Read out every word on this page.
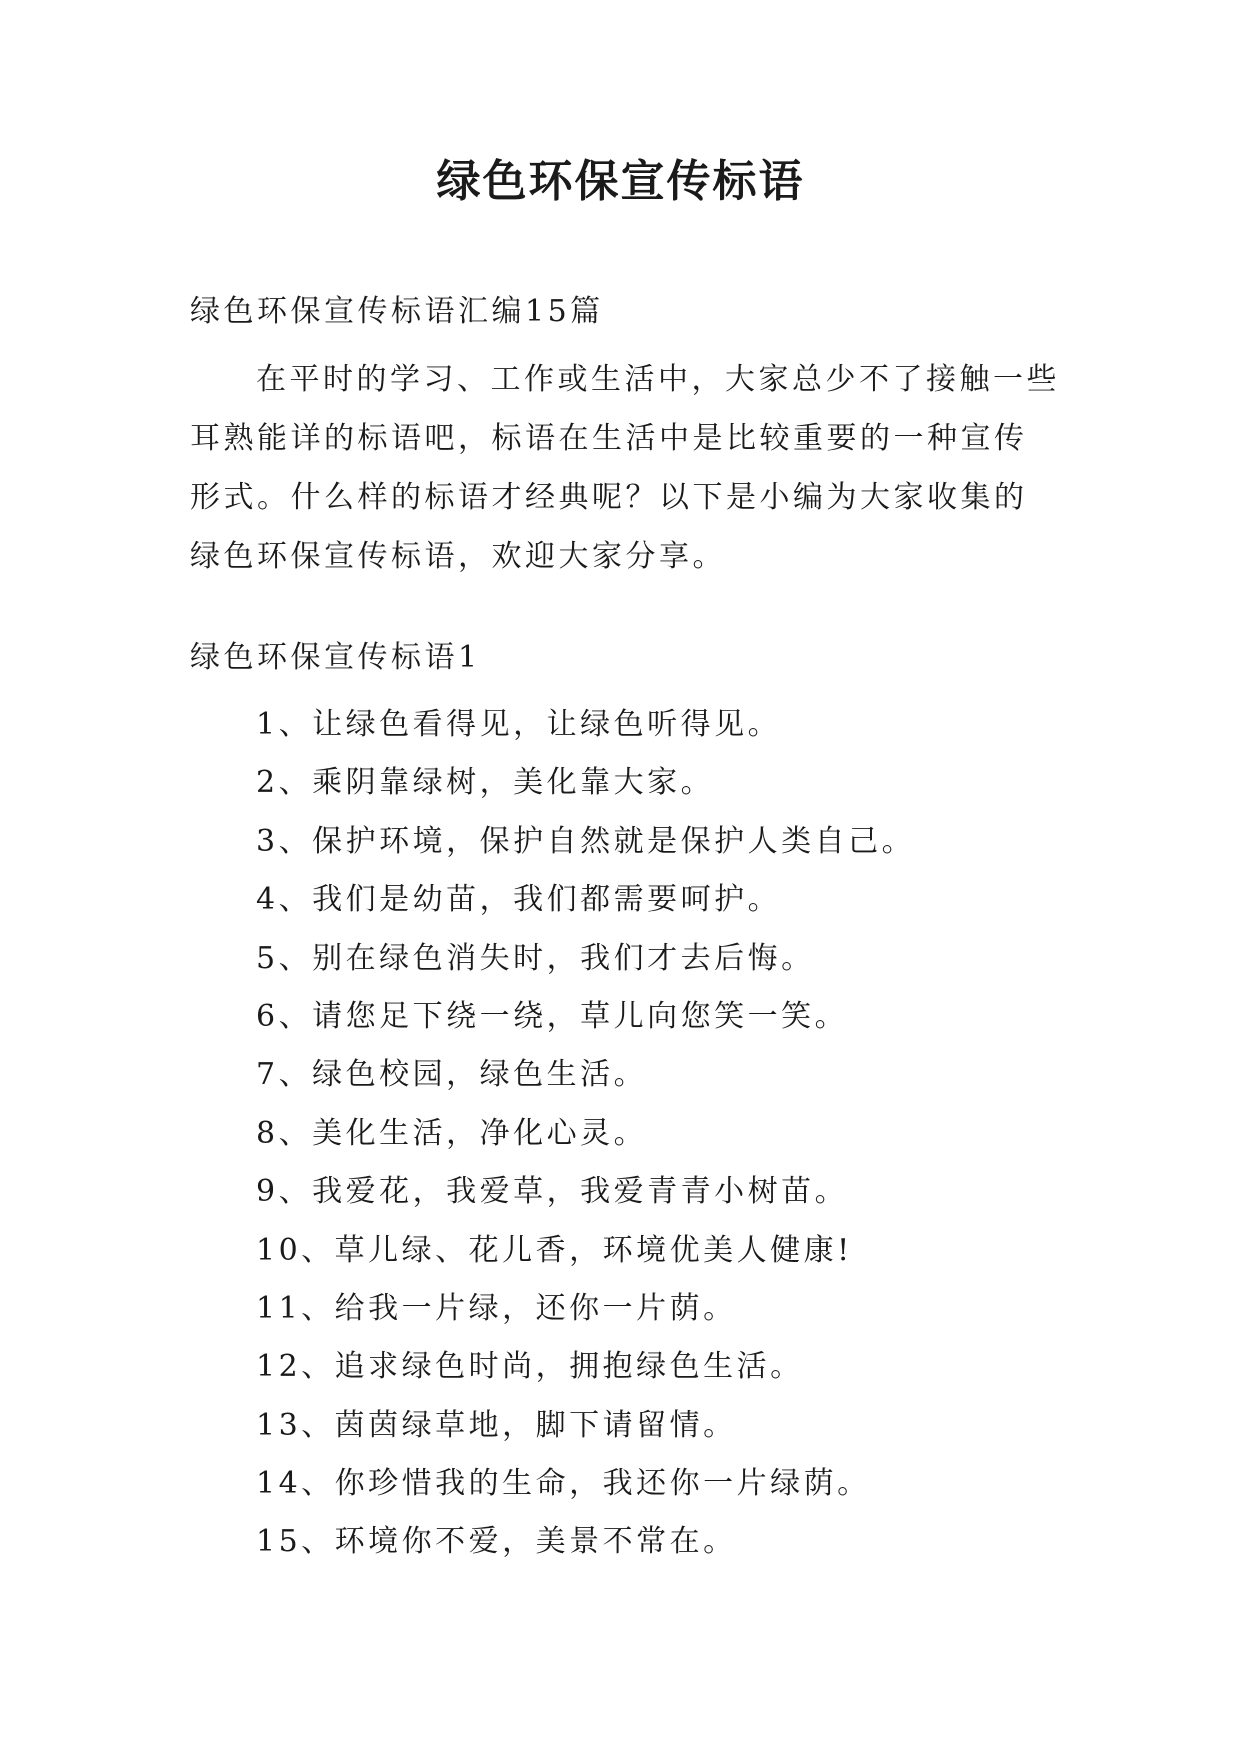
绿色环保宣传标语

绿色环保宣传标语汇编15篇

在平时的学习、工作或生活中，大家总少不了接触一些耳熟能详的标语吧，标语在生活中是比较重要的一种宣传形式。什么样的标语才经典呢？以下是小编为大家收集的绿色环保宣传标语，欢迎大家分享。

绿色环保宣传标语1

1、让绿色看得见，让绿色听得见。
2、乘阴靠绿树，美化靠大家。
3、保护环境，保护自然就是保护人类自己。
4、我们是幼苗，我们都需要呵护。
5、别在绿色消失时，我们才去后悔。
6、请您足下绕一绕，草儿向您笑一笑。
7、绿色校园，绿色生活。
8、美化生活，净化心灵。
9、我爱花，我爱草，我爱青青小树苗。
10、草儿绿、花儿香，环境优美人健康!
11、给我一片绿，还你一片荫。
12、追求绿色时尚，拥抱绿色生活。
13、茵茵绿草地，脚下请留情。
14、你珍惜我的生命，我还你一片绿荫。
15、环境你不爱，美景不常在。
